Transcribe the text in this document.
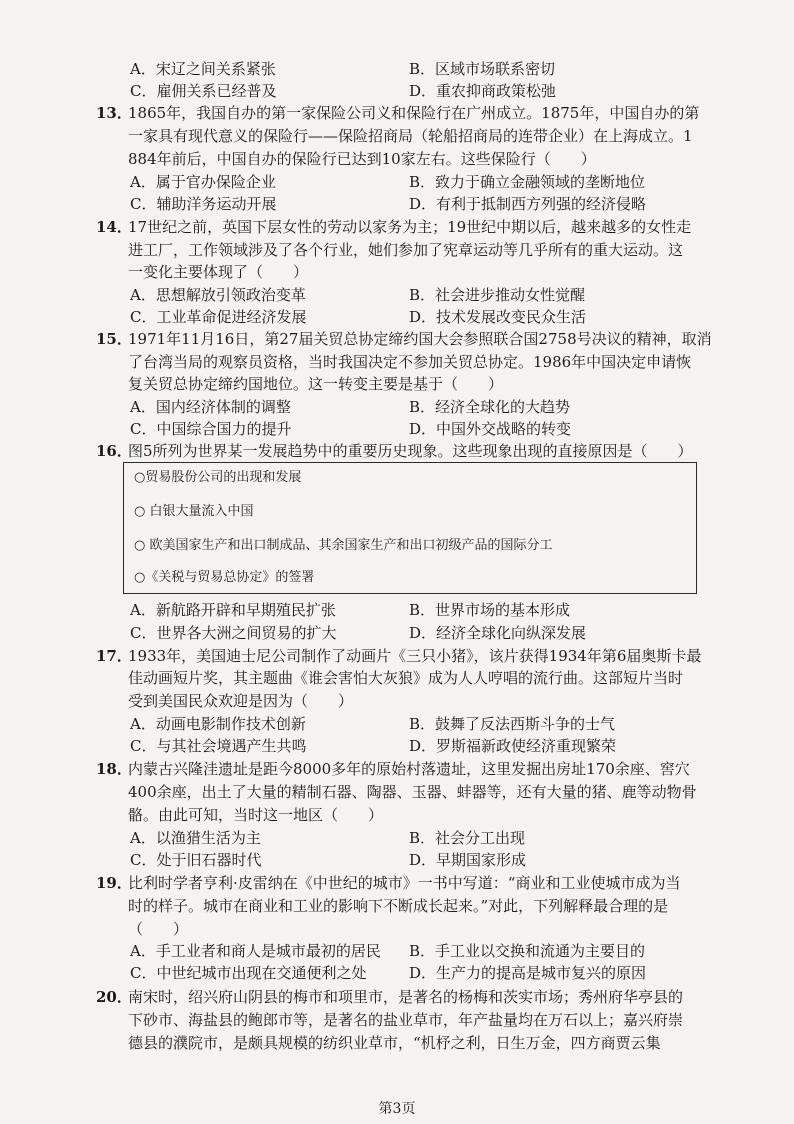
A．宋辽之间关系紧张	B．区域市场联系密切
C．雇佣关系已经普及	D．重农抑商政策松弛
13．
1865年，我国自办的第一家保险公司义和保险行在广州成立。1875年，中国自办的第
一家具有现代意义的保险行——保险招商局（轮船招商局的连带企业）在上海成立。1
884年前后，中国自办的保险行已达到10家左右。这些保险行（　　）
A．属于官办保险企业	B．致力于确立金融领域的垄断地位
C．辅助洋务运动开展	D．有利于抵制西方列强的经济侵略
14．
17世纪之前，英国下层女性的劳动以家务为主；19世纪中期以后，越来越多的女性走
进工厂，工作领域涉及了各个行业，她们参加了宪章运动等几乎所有的重大运动。这
一变化主要体现了（　　）
A．思想解放引领政治变革	B．社会进步推动女性觉醒
C．工业革命促进经济发展	D．技术发展改变民众生活
15．
1971年11月16日，第27届关贸总协定缔约国大会参照联合国2758号决议的精神，取消
了台湾当局的观察员资格，当时我国决定不参加关贸总协定。1986年中国决定申请恢
复关贸总协定缔约国地位。这一转变主要是基于（　　）
A．国内经济体制的调整	B．经济全球化的大趋势
C．中国综合国力的提升	D．中国外交战略的转变
16．
图5所列为世界某一发展趋势中的重要历史现象。这些现象出现的直接原因是（　　）
○贸易股份公司的出现和发展
○ 白银大量流入中国
○ 欧美国家生产和出口制成品、其余国家生产和出口初级产品的国际分工
○《关税与贸易总协定》的签署
A．新航路开辟和早期殖民扩张	B．世界市场的基本形成
C．世界各大洲之间贸易的扩大	D．经济全球化向纵深发展
17．
1933年，美国迪士尼公司制作了动画片《三只小猪》，该片获得1934年第6届奥斯卡最
佳动画短片奖，其主题曲《谁会害怕大灰狼》成为人人哼唱的流行曲。这部短片当时
受到美国民众欢迎是因为（　　）
A．动画电影制作技术创新	B．鼓舞了反法西斯斗争的士气
C．与其社会境遇产生共鸣	D．罗斯福新政使经济重现繁荣
18．
内蒙古兴隆洼遗址是距今8000多年的原始村落遗址，这里发掘出房址170余座、窖穴
400余座，出土了大量的精制石器、陶器、玉器、蚌器等，还有大量的猪、鹿等动物骨
骼。由此可知，当时这一地区（　　）
A．以渔猎生活为主	B．社会分工出现
C．处于旧石器时代	D．早期国家形成
19．
比利时学者亨利·皮雷纳在《中世纪的城市》一书中写道：“商业和工业使城市成为当
时的样子。城市在商业和工业的影响下不断成长起来。”对此，下列解释最合理的是
（　　）
A．手工业者和商人是城市最初的居民 B．手工业以交换和流通为主要目的
C．中世纪城市出现在交通便利之处	D．生产力的提高是城市复兴的原因
20．
南宋时，绍兴府山阴县的梅市和项里市，是著名的杨梅和茨实市场；秀州府华亭县的
下砂市、海盐县的鲍郎市等，是著名的盐业草市，年产盐量均在万石以上；嘉兴府崇
德县的濮院市，是颇具规模的纺织业草市，“机杼之利，日生万金，四方商贾云集
第3页
